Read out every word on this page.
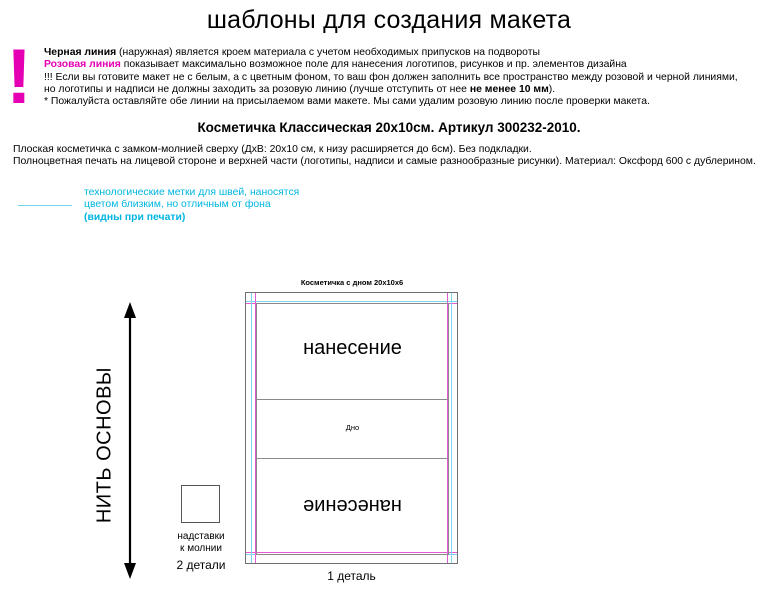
шаблоны для создания макета
! Черная линия (наружная) является кроем материала с учетом необходимых припусков на подвороты
Розовая линия показывает максимально возможное поле для нанесения логотипов, рисунков и пр. элементов дизайна
!!! Если вы готовите макет не с белым, а с цветным фоном, то ваш фон должен заполнить все пространство между розовой и черной линиями,
но логотипы и надписи не должны заходить за розовую линию (лучше отступить от нее не менее 10 мм).
* Пожалуйста оставляйте обе линии на присылаемом вами макете. Мы сами удалим розовую линию после проверки макета.
Косметичка Классическая 20x10см. Артикул 300232-2010.
Плоская косметичка с замком-молнией сверху (ДxВ: 20x10 см, к низу расширяется до 6см). Без подкладки.
Полноцветная печать на лицевой стороне и верхней части (логотипы, надписи и самые разнообразные рисунки). Материал: Оксфорд 600 с дублерином.
технологические метки для швей, наносятся
цветом близким, но отличным от фона
(видны при печати)
НИТЬ ОСНОВЫ
надставки
к молнии
2 детали
Косметичка с дном 20x10x6
нанесение
Дно
нанесение
1 деталь
